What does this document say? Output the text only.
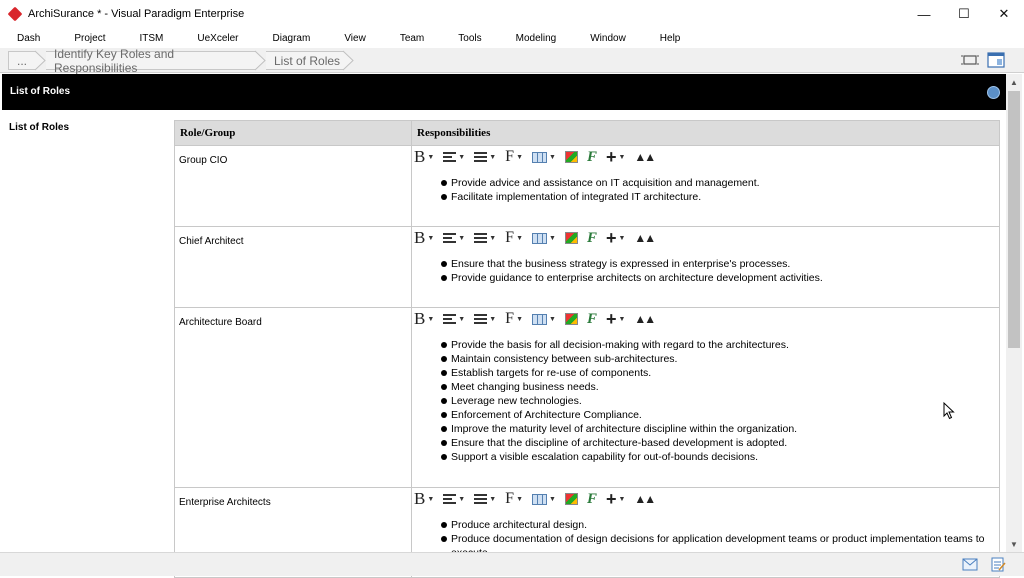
ArchiSurance * - Visual Paradigm Enterprise	—	☐	✕
Dash	Project	ITSM	UeXceler	Diagram	View	Team	Tools	Modeling	Window	Help
...	Identify Key Roles and Responsibilities	List of Roles
List of Roles
List of Roles	Role/Group	Responsibilities
Group CIO	B ▼	▼	▼ F ▼	▼ F + ▼ ▲▲
Provide advice and assistance on IT acquisition and management.
Facilitate implementation of integrated IT architecture.
Chief Architect	B ▼	▼	▼ F ▼	▼ F + ▼ ▲▲
Ensure that the business strategy is expressed in enterprise's processes.
Provide guidance to enterprise architects on architecture development activities.
Architecture Board	B ▼	▼	▼ F ▼	▼ F + ▼ ▲▲
Provide the basis for all decision-making with regard to the architectures.
Maintain consistency between sub-architectures.
Establish targets for re-use of components.
Meet changing business needs.
Leverage new technologies.
Enforcement of Architecture Compliance.
Improve the maturity level of architecture discipline within the organization.
Ensure that the discipline of architecture-based development is adopted.
Support a visible escalation capability for out-of-bounds decisions.
Enterprise Architects	B ▼	▼	▼ F ▼	▼ F + ▼ ▲▲
Produce architectural design.
Produce documentation of design decisions for application development teams or product implementation teams to
▲
▼
